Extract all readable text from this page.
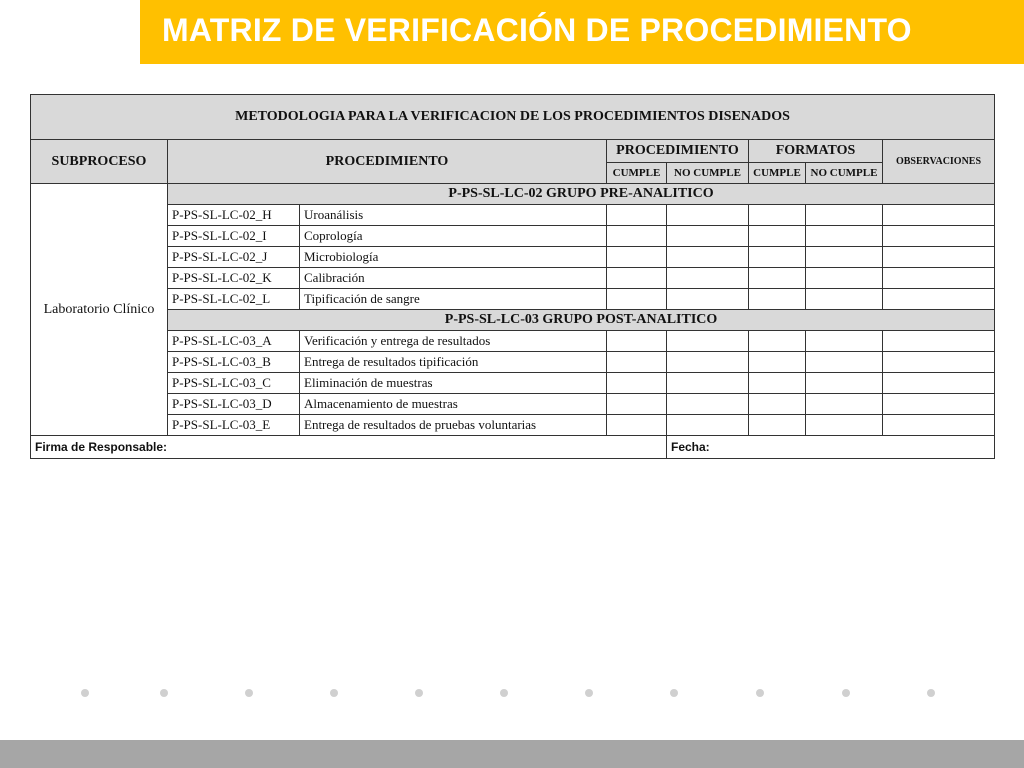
MATRIZ DE VERIFICACIÓN DE PROCEDIMIENTO
METODOLOGIA PARA LA VERIFICACION DE LOS PROCEDIMIENTOS DISENADOS							
SUBPROCESO	PROCEDIMIENTO		PROCEDIMIENTO		FORMATOS		OBSERVACIONES
			CUMPLE	NO CUMPLE	CUMPLE	NO CUMPLE	
Laboratorio Clínico	P-PS-SL-LC-02 GRUPO PRE-ANALITICO						
	P-PS-SL-LC-02_H	Uroanálisis					
	P-PS-SL-LC-02_I	Coprología					
	P-PS-SL-LC-02_J	Microbiología					
	P-PS-SL-LC-02_K	Calibración					
	P-PS-SL-LC-02_L	Tipificación de sangre					
	P-PS-SL-LC-03 GRUPO POST-ANALITICO						
	P-PS-SL-LC-03_A	Verificación y entrega de resultados					
	P-PS-SL-LC-03_B	Entrega de resultados tipificación					
	P-PS-SL-LC-03_C	Eliminación de muestras					
	P-PS-SL-LC-03_D	Almacenamiento de muestras					
	P-PS-SL-LC-03_E	Entrega de resultados de pruebas voluntarias					
Firma de Responsable:				Fecha:			
